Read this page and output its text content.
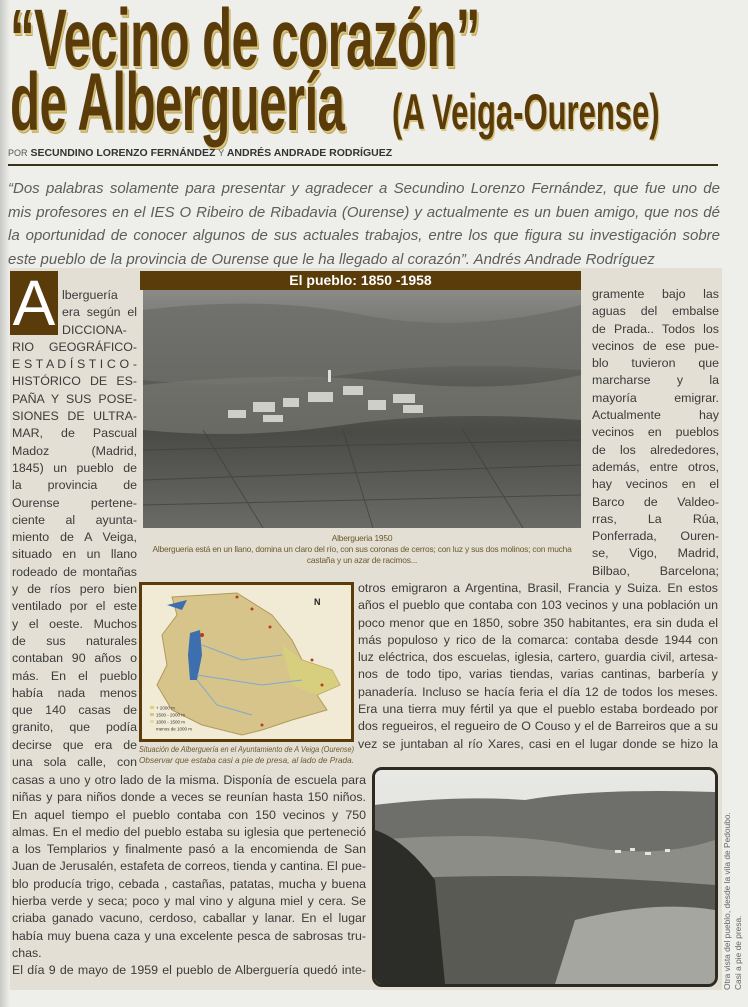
“Vecino de corazón”
de Alberguería (A Veiga-Ourense)
POR SECUNDINO LORENZO FERNÁNDEZ Y ANDRÉS ANDRADE RODRÍGUEZ
“Dos palabras solamente para presentar y agradecer a Secundino Lorenzo Fernández, que fue uno de
mis profesores en el IES O Ribeiro de Ribadavia (Ourense) y actualmente es un buen amigo, que nos dé
la oportunidad de conocer algunos de sus actuales trabajos, entre los que figura su investigación sobre
este pueblo de la provincia de Ourense que le ha llegado al corazón”. Andrés Andrade Rodríguez
A	El pueblo: 1850 -1958
lberguería
era según el
DICCIONA-
RIO GEOGRÁFICO-
E S T A D Í S T I C O -
HISTÓRICO DE ES-
PAÑA Y SUS POSE-
SIONES DE ULTRA-
MAR, de Pascual
Madoz (Madrid,
1845) un pueblo de
la provincia de
Ourense pertene-
ciente al ayunta-
miento de A Veiga,
situado en un llano
rodeado de montañas
y de ríos pero bien
ventilado por el este
y el oeste. Muchos
de sus naturales
contaban 90 años o
más. En el pueblo
había nada menos
que 140 casas de
granito, que podía
decirse que era de
una sola calle, con
gramente bajo las
aguas del embalse
de Prada.. Todos los
vecinos de ese pue-
blo tuvieron que
marcharse y la
mayoría emigrar.
Actualmente hay
vecinos en pueblos
de los alrededores,
además, entre otros,
hay vecinos en el
Barco de Valdeo-
rras, La Rúa,
Ponferrada, Ouren-
se, Vigo, Madrid,
Bilbao, Barcelona;
otros emigraron a Argentina, Brasil, Francia y Suiza. En estos
años el pueblo que contaba con 103 vecinos y una población un
poco menor que en 1850, sobre 350 habitantes, era sin duda el
más populoso y rico de la comarca: contaba desde 1944 con
luz eléctrica, dos escuelas, iglesia, cartero, guardia civil, artesa-
nos de todo tipo, varias tiendas, varias cantinas, barbería y
panadería. Incluso se hacía feria el día 12 de todos los meses.
Era una tierra muy fértil ya que el pueblo estaba bordeado por
dos regueiros, el regueiro de O Couso y el de Barreiros que a su
vez se juntaban al río Xares, casi en el lugar donde se hizo la
casas a uno y otro lado de la misma. Disponía de escuela para
niñas y para niños donde a veces se reunían hasta 150 niños.
En aquel tiempo el pueblo contaba con 150 vecinos y 750
almas. En el medio del pueblo estaba su iglesia que perteneció
a los Templarios y finalmente pasó a la encomienda de San
Juan de Jerusalén, estafeta de correos, tienda y cantina. El pue-
blo producía trigo, cebada , castañas, patatas, mucha y buena
hierba verde y seca; poco y mal vino y alguna miel y cera. Se
criaba ganado vacuno, cerdoso, caballar y lanar. En el lugar
había muy buena caza y una excelente pesca de sabrosas tru-
chas.
El día 9 de mayo de 1959 el pueblo de Alberguería quedó inte-
Albergueria 1950
Albergueria está en un llano, domina un claro del río, con sus coronas de cerros; con luz y sus dos molinos; con mucha castaña y un azar de racimos...
N
+ 2000 m
1500 - 2000 m
1000 - 1500 m
menos de 1000 m
Situación de Alberguería en el Ayuntamiento de A Veiga (Ourense)
Observar que estaba casi a pie de presa, al lado de Prada.
Otra vista del pueblo, desde la vila de Pedoubo. Casi a pie de presa.
